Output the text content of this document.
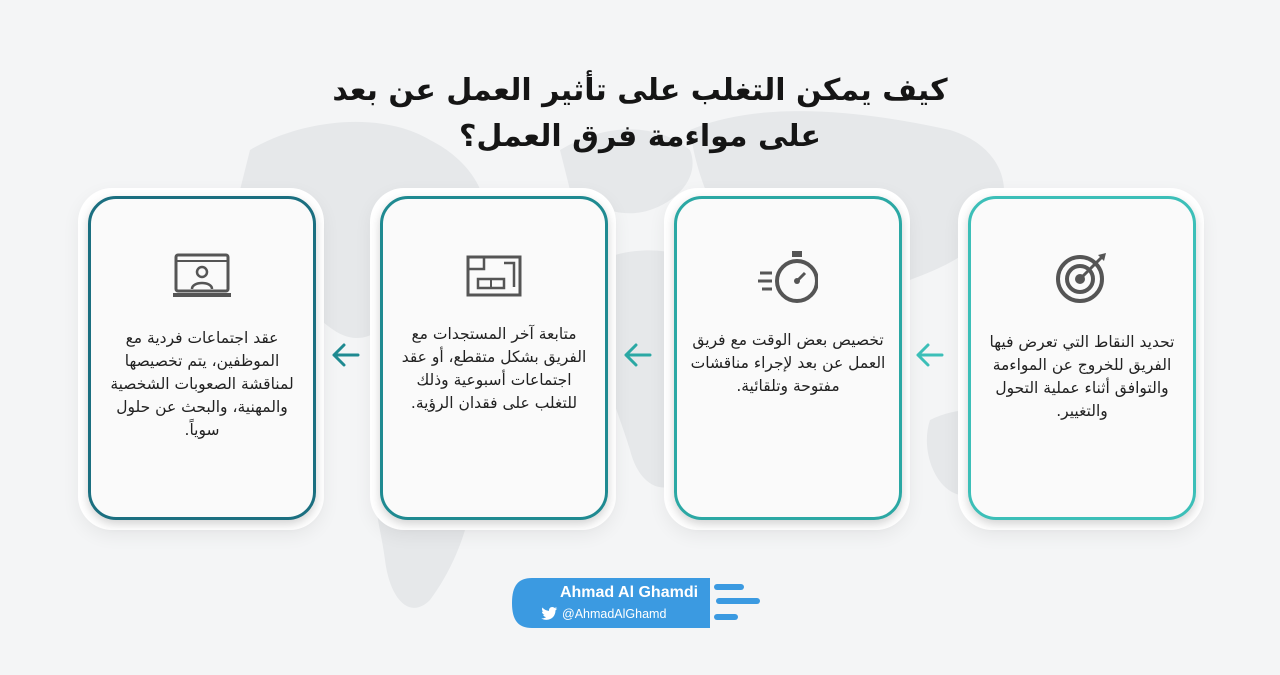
كيف يمكن التغلب على تأثير العمل عن بعد
على مواءمة فرق العمل؟
تحديد النقاط التي تعرض فيها الفريق للخروج عن المواءمة والتوافق أثناء عملية التحول والتغيير.
تخصيص بعض الوقت مع فريق العمل عن بعد لإجراء مناقشات مفتوحة وتلقائية.
متابعة آخر المستجدات مع الفريق بشكل متقطع، أو عقد اجتماعات أسبوعية وذلك للتغلب على فقدان الرؤية.
عقد اجتماعات فردية مع الموظفين، يتم تخصيصها لمناقشة الصعوبات الشخصية والمهنية، والبحث عن حلول سوياً.
Ahmad Al Ghamdi
@AhmadAlGhamd
